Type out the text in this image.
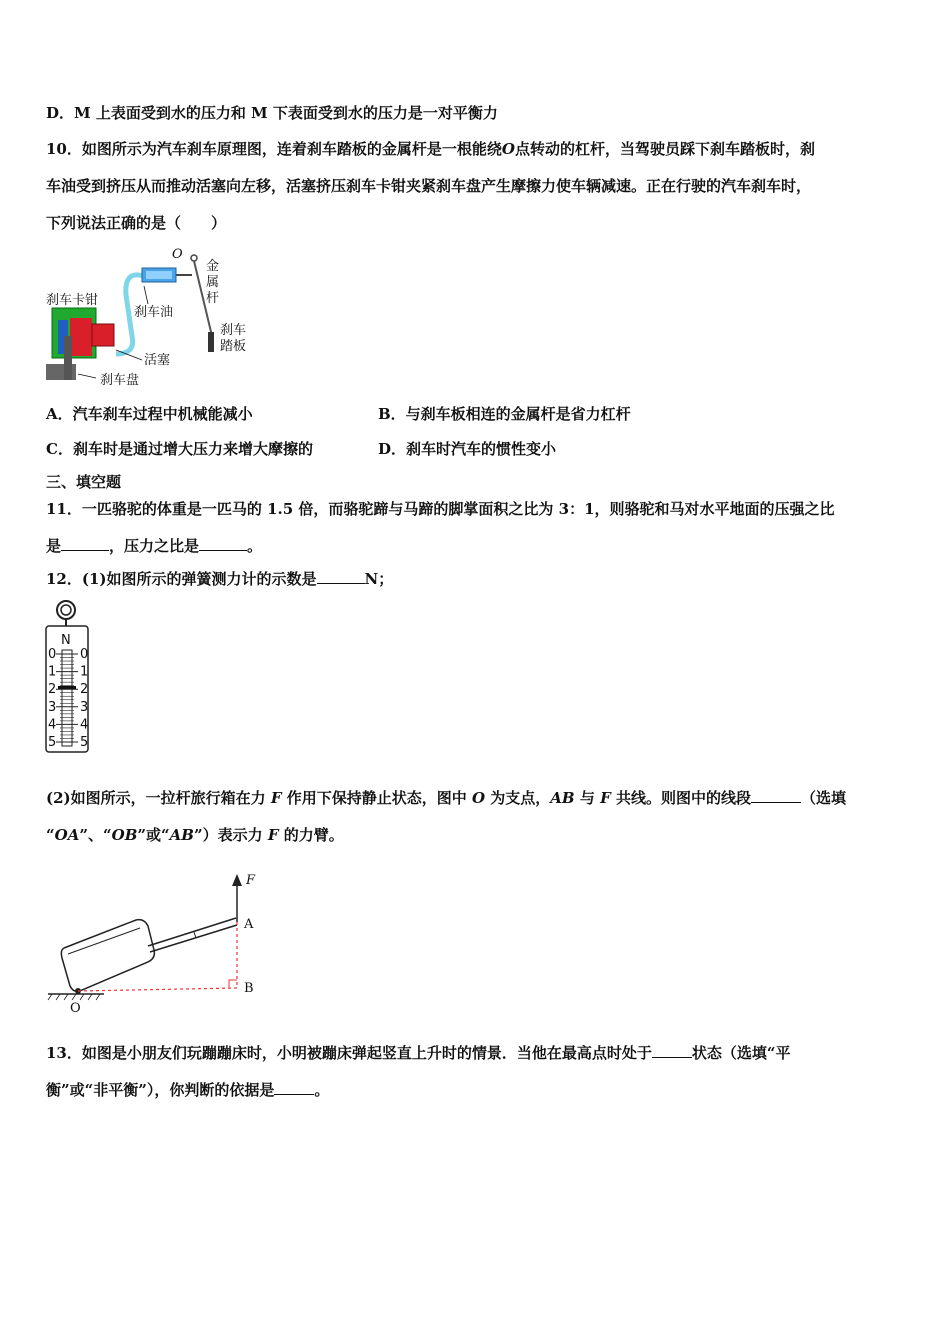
D．M 上表面受到水的压力和 M 下表面受到水的压力是一对平衡力
10．如图所示为汽车刹车原理图，连着刹车踏板的金属杆是一根能绕O点转动的杠杆，当驾驶员踩下刹车踏板时，刹
车油受到挤压从而推动活塞向左移，活塞挤压刹车卡钳夹紧刹车盘产生摩擦力使车辆减速。正在行驶的汽车刹车时，
下列说法正确的是（　　）
O
刹车卡钳
刹车油
金
属
杆
刹车
踏板
活塞
刹车盘
A．汽车刹车过程中机械能减小	B．与刹车板相连的金属杆是省力杠杆
C．刹车时是通过增大压力来增大摩擦的	D．刹车时汽车的惯性变小
三、填空题
11．一匹骆驼的体重是一匹马的 1.5 倍，而骆驼蹄与马蹄的脚掌面积之比为 3：1，则骆驼和马对水平地面的压强之比
是	，压力之比是	。
12．(1)如图所示的弹簧测力计的示数是	N；
N
0 0
1 1
2 2
3 3
4 4
5 5
(2)如图所示，一拉杆旅行箱在力 F 作用下保持静止状态，图中 O 为支点，AB 与 F 共线。则图中的线段	（选填
“OA”、“OB”或“AB”）表示力 F 的力臂。
F
A
B
O
13．如图是小朋友们玩蹦蹦床时，小明被蹦床弹起竖直上升时的情景．当他在最高点时处于	状态（选填“平
衡”或“非平衡”），你判断的依据是	。
